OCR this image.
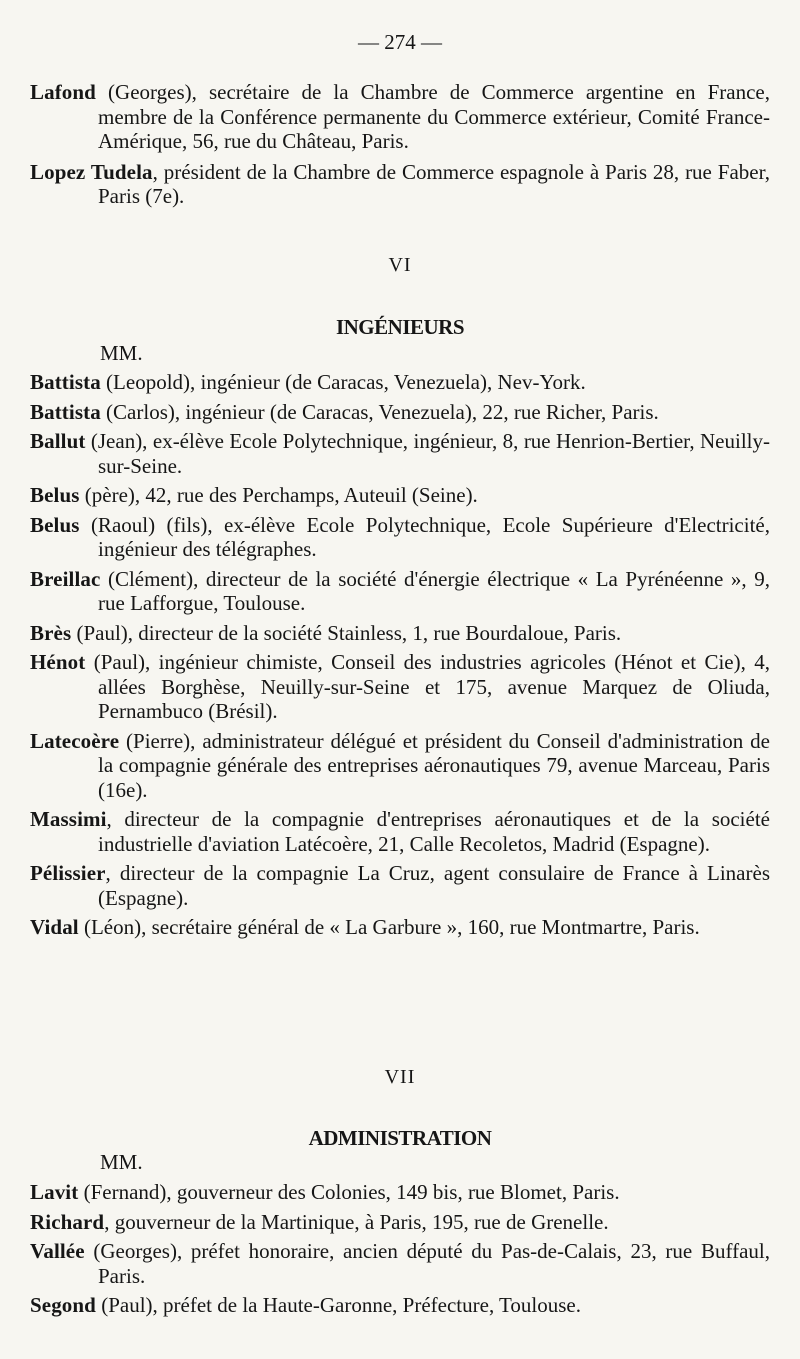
— 274 —

Lafond (Georges), secrétaire de la Chambre de Commerce argentine en France, membre de la Conférence permanente du Commerce extérieur, Comité France-Amérique, 56, rue du Château, Paris.

Lopez Tudela, président de la Chambre de Commerce espagnole à Paris 28, rue Faber, Paris (7e).

VI
INGÉNIEURS
MM.

Battista (Leopold), ingénieur (de Caracas, Venezuela), Nev-York.

Battista (Carlos), ingénieur (de Caracas, Venezuela), 22, rue Richer, Paris.

Ballut (Jean), ex-élève Ecole Polytechnique, ingénieur, 8, rue Henrion-Bertier, Neuilly-sur-Seine.

Belus (père), 42, rue des Perchamps, Auteuil (Seine).

Belus (Raoul) (fils), ex-élève Ecole Polytechnique, Ecole Supérieure d'Electricité, ingénieur des télégraphes.

Breillac (Clément), directeur de la société d'énergie électrique « La Pyrénéenne », 9, rue Lafforgue, Toulouse.

Brès (Paul), directeur de la société Stainless, 1, rue Bourdaloue, Paris.

Hénot (Paul), ingénieur chimiste, Conseil des industries agricoles (Hénot et Cie), 4, allées Borghèse, Neuilly-sur-Seine et 175, avenue Marquez de Oliuda, Pernambuco (Brésil).

Latecoère (Pierre), administrateur délégué et président du Conseil d'administration de la compagnie générale des entreprises aéronautiques 79, avenue Marceau, Paris (16e).

Massimi, directeur de la compagnie d'entreprises aéronautiques et de la société industrielle d'aviation Latécoère, 21, Calle Recoletos, Madrid (Espagne).

Pélissier, directeur de la compagnie La Cruz, agent consulaire de France à Linarès (Espagne).

Vidal (Léon), secrétaire général de « La Garbure », 160, rue Montmartre, Paris.

VII
ADMINISTRATION
MM.

Lavit (Fernand), gouverneur des Colonies, 149 bis, rue Blomet, Paris.

Richard, gouverneur de la Martinique, à Paris, 195, rue de Grenelle.

Vallée (Georges), préfet honoraire, ancien député du Pas-de-Calais, 23, rue Buffaul, Paris.

Segond (Paul), préfet de la Haute-Garonne, Préfecture, Toulouse.
